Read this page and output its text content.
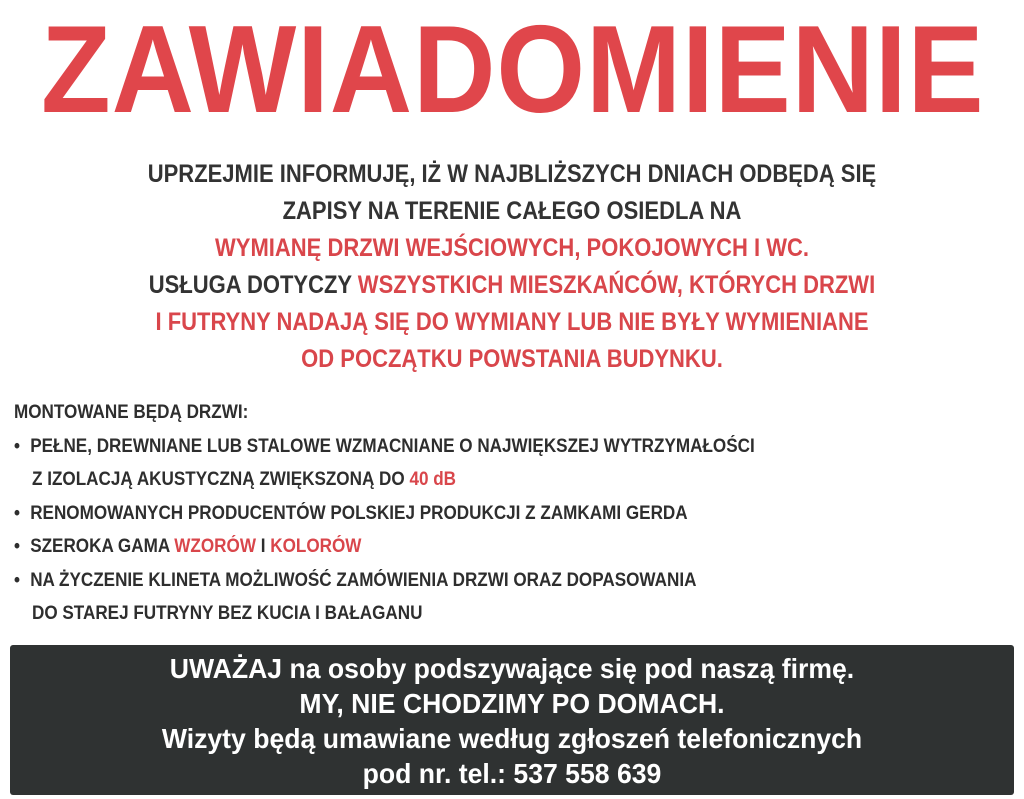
ZAWIADOMIENIE
UPRZEJMIE INFORMUJĘ, IŻ W NAJBLIŻSZYCH DNIACH ODBĘDĄ SIĘ
ZAPISY NA TERENIE CAŁEGO OSIEDLA NA
WYMIANĘ DRZWI WEJŚCIOWYCH, POKOJOWYCH I WC.
USŁUGA DOTYCZY WSZYSTKICH MIESZKAŃCÓW, KTÓRYCH DRZWI
I FUTRYNY NADAJĄ SIĘ DO WYMIANY LUB NIE BYŁY WYMIENIANE
OD POCZĄTKU POWSTANIA BUDYNKU.
MONTOWANE BĘDĄ DRZWI:
• PEŁNE, DREWNIANE LUB STALOWE WZMACNIANE O NAJWIĘKSZEJ WYTRZYMAŁOŚCI
Z IZOLACJĄ AKUSTYCZNĄ ZWIĘKSZONĄ DO 40 dB
• RENOMOWANYCH PRODUCENTÓW POLSKIEJ PRODUKCJI Z ZAMKAMI GERDA
• SZEROKA GAMA WZORÓW I KOLORÓW
• NA ŻYCZENIE KLINETA MOŻLIWOŚĆ ZAMÓWIENIA DRZWI ORAZ DOPASOWANIA
DO STAREJ FUTRYNY BEZ KUCIA I BAŁAGANU
UWAŻAJ na osoby podszywające się pod naszą firmę.
MY, NIE CHODZIMY PO DOMACH.
Wizyty będą umawiane według zgłoszeń telefonicznych
pod nr. tel.: 537 558 639
